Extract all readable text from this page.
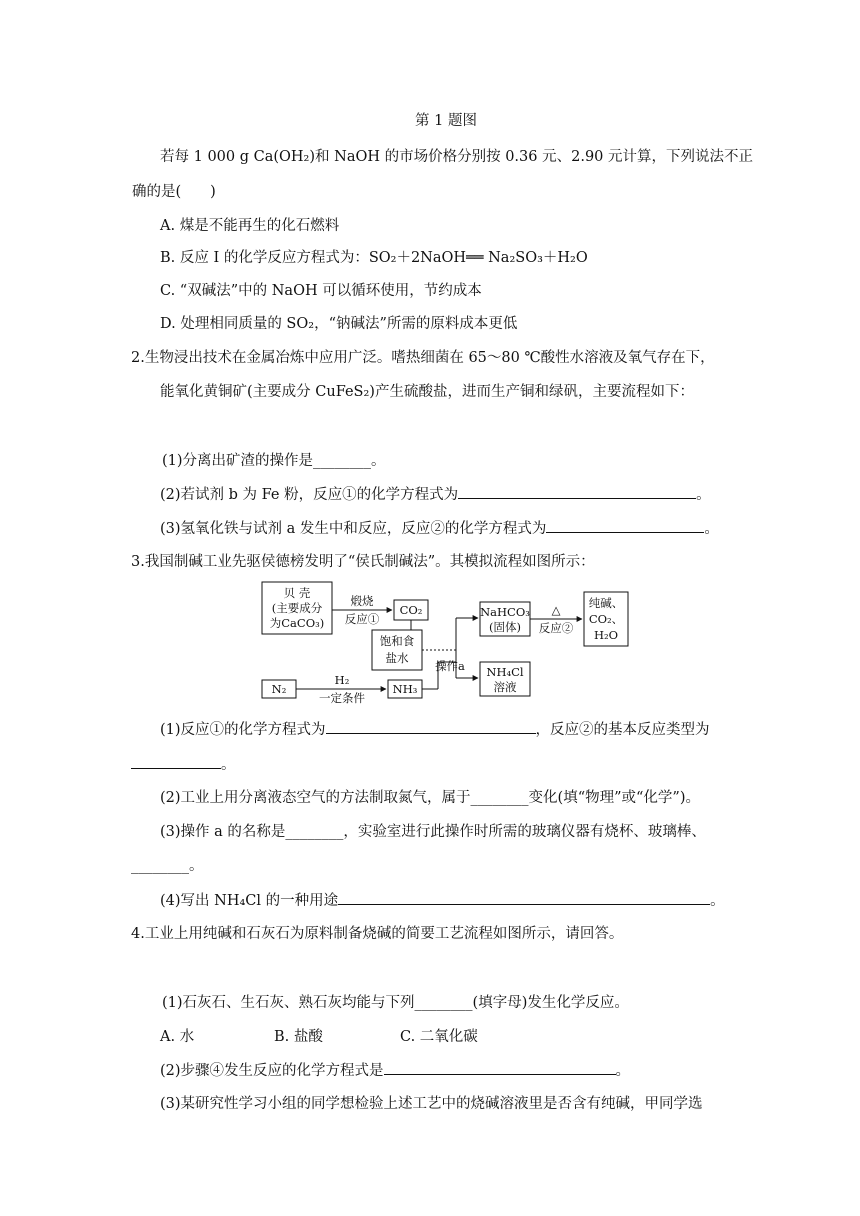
第 1 题图
若每 1 000 g Ca(OH₂)和 NaOH 的市场价格分别按 0.36 元、2.90 元计算，下列说法不正
确的是(　　)
A. 煤是不能再生的化石燃料
B. 反应 Ⅰ 的化学反应方程式为：SO₂＋2NaOH══ Na₂SO₃＋H₂O
C. “双碱法”中的 NaOH 可以循环使用，节约成本
D. 处理相同质量的 SO₂，“钠碱法”所需的原料成本更低
2.生物浸出技术在金属冶炼中应用广泛。嗜热细菌在 65～80 ℃酸性水溶液及氧气存在下，
能氧化黄铜矿(主要成分 CuFeS₂)产生硫酸盐，进而生产铜和绿矾，主要流程如下：
(1)分离出矿渣的操作是________。
(2)若试剂 b 为 Fe 粉，反应①的化学方程式为	。
(3)氢氧化铁与试剂 a 发生中和反应，反应②的化学方程式为	。
3.我国制碱工业先驱侯德榜发明了“侯氏制碱法”。其模拟流程如图所示：
贝 壳
(主要成分
为CaCO₃)
煅烧
反应①
CO₂
饱和食
盐水
操作a
N₂
H₂
一定条件
NH₃
NaHCO₃
(固体)
△
反应②
纯碱、
CO₂、
H₂O
NH₄Cl
溶液
(1)反应①的化学方程式为	，反应②的基本反应类型为
。
(2)工业上用分离液态空气的方法制取氮气，属于________变化(填“物理”或“化学”)。
(3)操作 a 的名称是________，实验室进行此操作时所需的玻璃仪器有烧杯、玻璃棒、
________。
(4)写出 NH₄Cl 的一种用途	。
4.工业上用纯碱和石灰石为原料制备烧碱的简要工艺流程如图所示，请回答。
(1)石灰石、生石灰、熟石灰均能与下列________(填字母)发生化学反应。
A. 水	B. 盐酸	C. 二氧化碳
(2)步骤④发生反应的化学方程式是	。
(3)某研究性学习小组的同学想检验上述工艺中的烧碱溶液里是否含有纯碱，甲同学选
